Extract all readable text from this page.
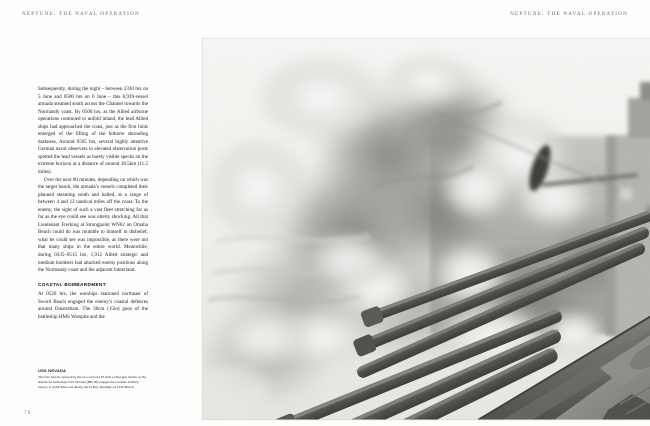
NEPTUNE: THE NAVAL OPERATION	NEPTUNE: THE NAVAL OPERATION
78

Subsequently, during the night – between 2330 hrs on 5 June and 0500 hrs on 6 June – this 6,939-vessel armada steamed south across the Channel towards the Normandy coast. By 0500 hrs, as the Allied airborne operations continued to unfold inland, the lead Allied ships had approached the coast, just as the first hints emerged of the lifting of the hitherto shrouding darkness. Around 0505 hrs, several highly attentive German naval observers in elevated observation posts spotted the lead vessels as barely visible specks on the extreme horizon at a distance of around 18.5km (11.5 miles).

Over the next 80 minutes, depending on which was the target beach, the armada’s vessels completed their planned steaming south and halted, at a range of between 4 and 12 nautical miles off the coast. To the enemy, the sight of such a vast fleet stretching for as far as the eye could see was utterly shocking. All that Lieutenant Frerking at Strongpoint WN62 on Omaha Beach could do was mumble to himself in disbelief, what he could see was impossible, as there were not that many ships in the entire world. Meanwhile, during 0335–0515 hrs, 1,912 Allied strategic and medium bombers had attacked enemy positions along the Normandy coast and the adjacent hinterland.

COASTAL BOMBARDMENT

At 0520 hrs, the warships stationed northeast of Sword Beach engaged the enemy’s coastal defences around Ouistreham. The 38cm (15in) guns of the battleship HMS Warspite and the

USS NEVADA

The five barrels sported by the two forward 35.6cm (14in) gun turrets of the American battleship USS Nevada (BB-36) engage the German artillery battery at Saint-Marcouf during the D-Day landings on Utah Beach.
